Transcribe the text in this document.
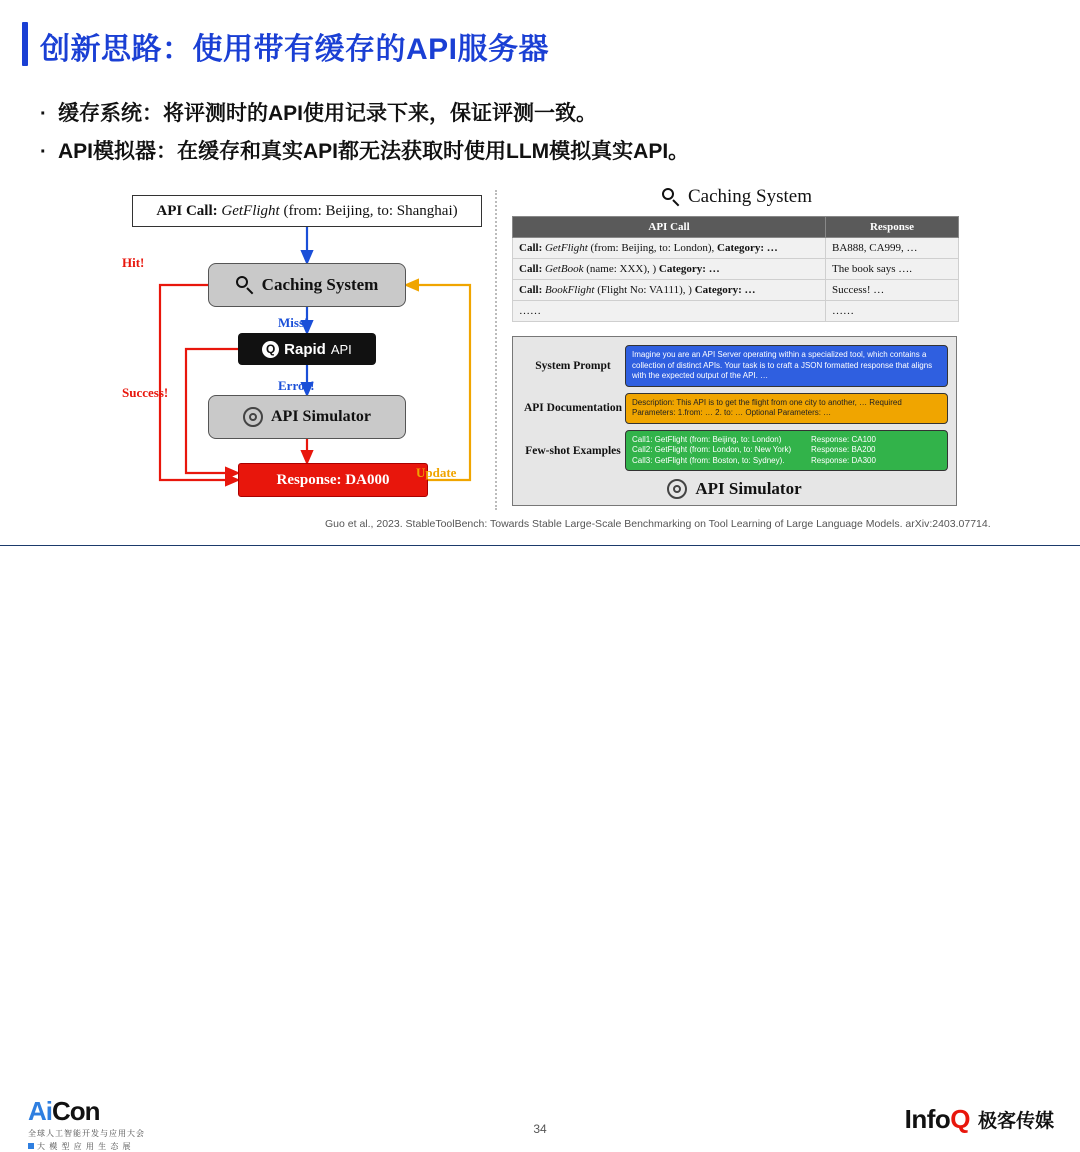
创新思路：使用带有缓存的API服务器
· 缓存系统：将评测时的API使用记录下来，保证评测一致。
· API模拟器：在缓存和真实API都无法获取时使用LLM模拟真实API。
API Call: GetFlight (from: Beijing, to: Shanghai)
Caching System
Q Rapid API
API Simulator
Response: DA000
Hit!
Success!
Miss!
Error!
Update
Caching System
API Call	Response
Call: GetFlight (from: Beijing, to: London), Category: …	BA888, CA999, …
Call: GetBook (name: XXX), ) Category: …	The book says ….
Call: BookFlight (Flight No: VA111), ) Category: …	Success! …
……	……
System Prompt
Imagine you are an API Server operating within a specialized tool, which contains a collection of distinct APIs. Your task is to craft a JSON formatted response that aligns with the expected output of the API. …
API Documentation
Description: This API is to get the flight from one city to another, … Required Parameters: 1.from: … 2. to: … Optional Parameters: …
Few-shot Examples
Call1: GetFlight (from: Beijing, to: London)	Response: CA100
Call2: GetFlight (from: London, to: New York)	Response: BA200
Call3: GetFlight (from: Boston, to: Sydney).	Response: DA300
API Simulator
Guo et al., 2023. StableToolBench: Towards Stable Large-Scale Benchmarking on Tool Learning of Large Language Models. arXiv:2403.07714.
AiCon
全球人工智能开发与应用大会
大 模 型 应 用 生 态 展
34	InfoQ 极客传媒
